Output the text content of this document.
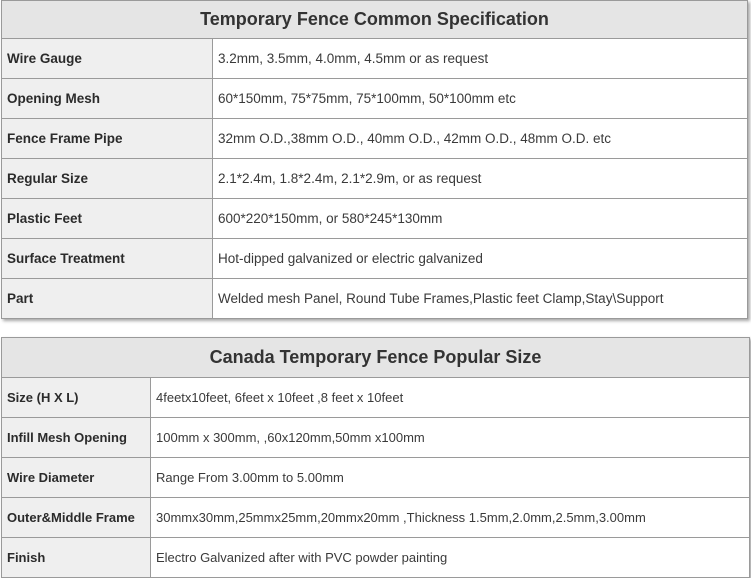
Temporary Fence Common Specification	
Wire Gauge	3.2mm, 3.5mm, 4.0mm, 4.5mm or as request
Opening Mesh	60*150mm, 75*75mm, 75*100mm, 50*100mm etc
Fence Frame Pipe	32mm O.D.,38mm O.D., 40mm O.D., 42mm O.D., 48mm O.D. etc
Regular Size	2.1*2.4m, 1.8*2.4m, 2.1*2.9m, or as request
Plastic Feet	600*220*150mm, or 580*245*130mm
Surface Treatment	Hot-dipped galvanized or electric galvanized
Part	Welded mesh Panel, Round Tube Frames,Plastic feet Clamp,Stay\Support
Canada Temporary Fence Popular Size	
Size (H X L)	4feetx10feet, 6feet x 10feet ,8 feet x 10feet
Infill Mesh Opening	100mm x 300mm, ,60x120mm,50mm x100mm
Wire Diameter	Range From 3.00mm to 5.00mm
Outer&Middle Frame	30mmx30mm,25mmx25mm,20mmx20mm ,Thickness 1.5mm,2.0mm,2.5mm,3.00mm
Finish	Electro Galvanized after with PVC powder painting
